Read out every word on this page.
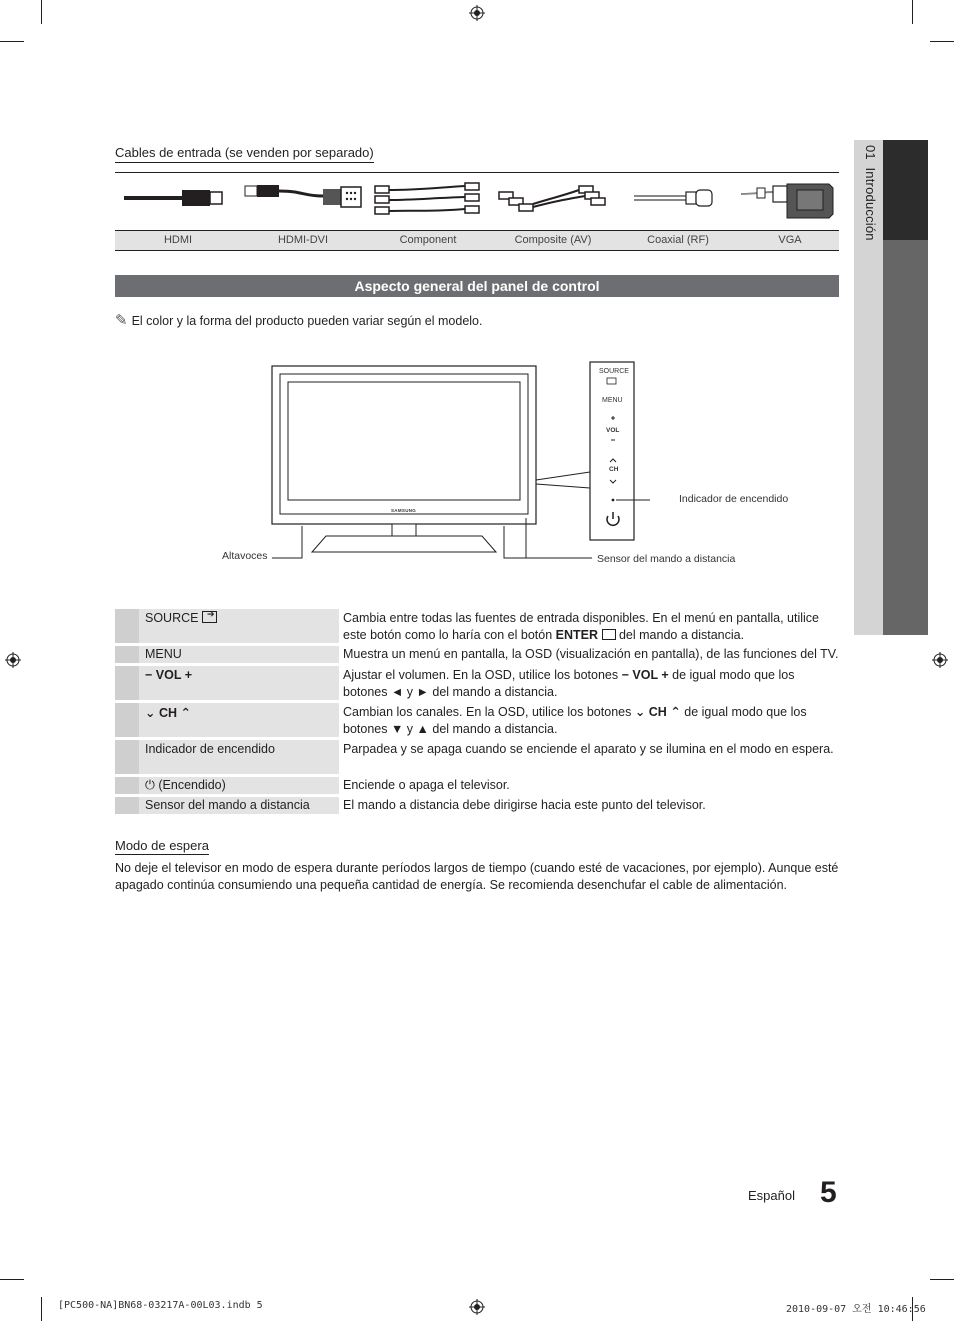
01  Introducción
Cables de entrada (se venden por separado)
HDMI	HDMI-DVI	Component	Composite (AV)	Coaxial (RF)	VGA
Aspecto general del panel de control
✎ El color y la forma del producto pueden variar según el modelo.
SAMSUNG
SOURCE
MENU
VOL
CH
Indicador de encendido
Altavoces	Sensor del mando a distancia
SOURCE ➔	Cambia entre todas las fuentes de entrada disponibles. En el menú en pantalla, utilice este botón como lo haría con el botón ENTER  del mando a distancia.
MENU	Muestra un menú en pantalla, la OSD (visualización en pantalla), de las funciones del TV.
− VOL +	Ajustar el volumen. En la OSD, utilice los botones − VOL + de igual modo que los botones ◄ y ► del mando a distancia.
⌄ CH ⌃	Cambian los canales. En la OSD, utilice los botones ⌄ CH ⌃ de igual modo que los botones ▼ y ▲ del mando a distancia.
Indicador de encendido	Parpadea y se apaga cuando se enciende el aparato y se ilumina en el modo en espera.
⏻ (Encendido)	Enciende o apaga el televisor.
Sensor del mando a distancia	El mando a distancia debe dirigirse hacia este punto del televisor.
Modo de espera
No deje el televisor en modo de espera durante períodos largos de tiempo (cuando esté de vacaciones, por ejemplo). Aunque esté apagado continúa consumiendo una pequeña cantidad de energía. Se recomienda desenchufar el cable de alimentación.
Español 5
[PC500-NA]BN68-03217A-00L03.indb 5	2010-09-07 오전 10:46:56
